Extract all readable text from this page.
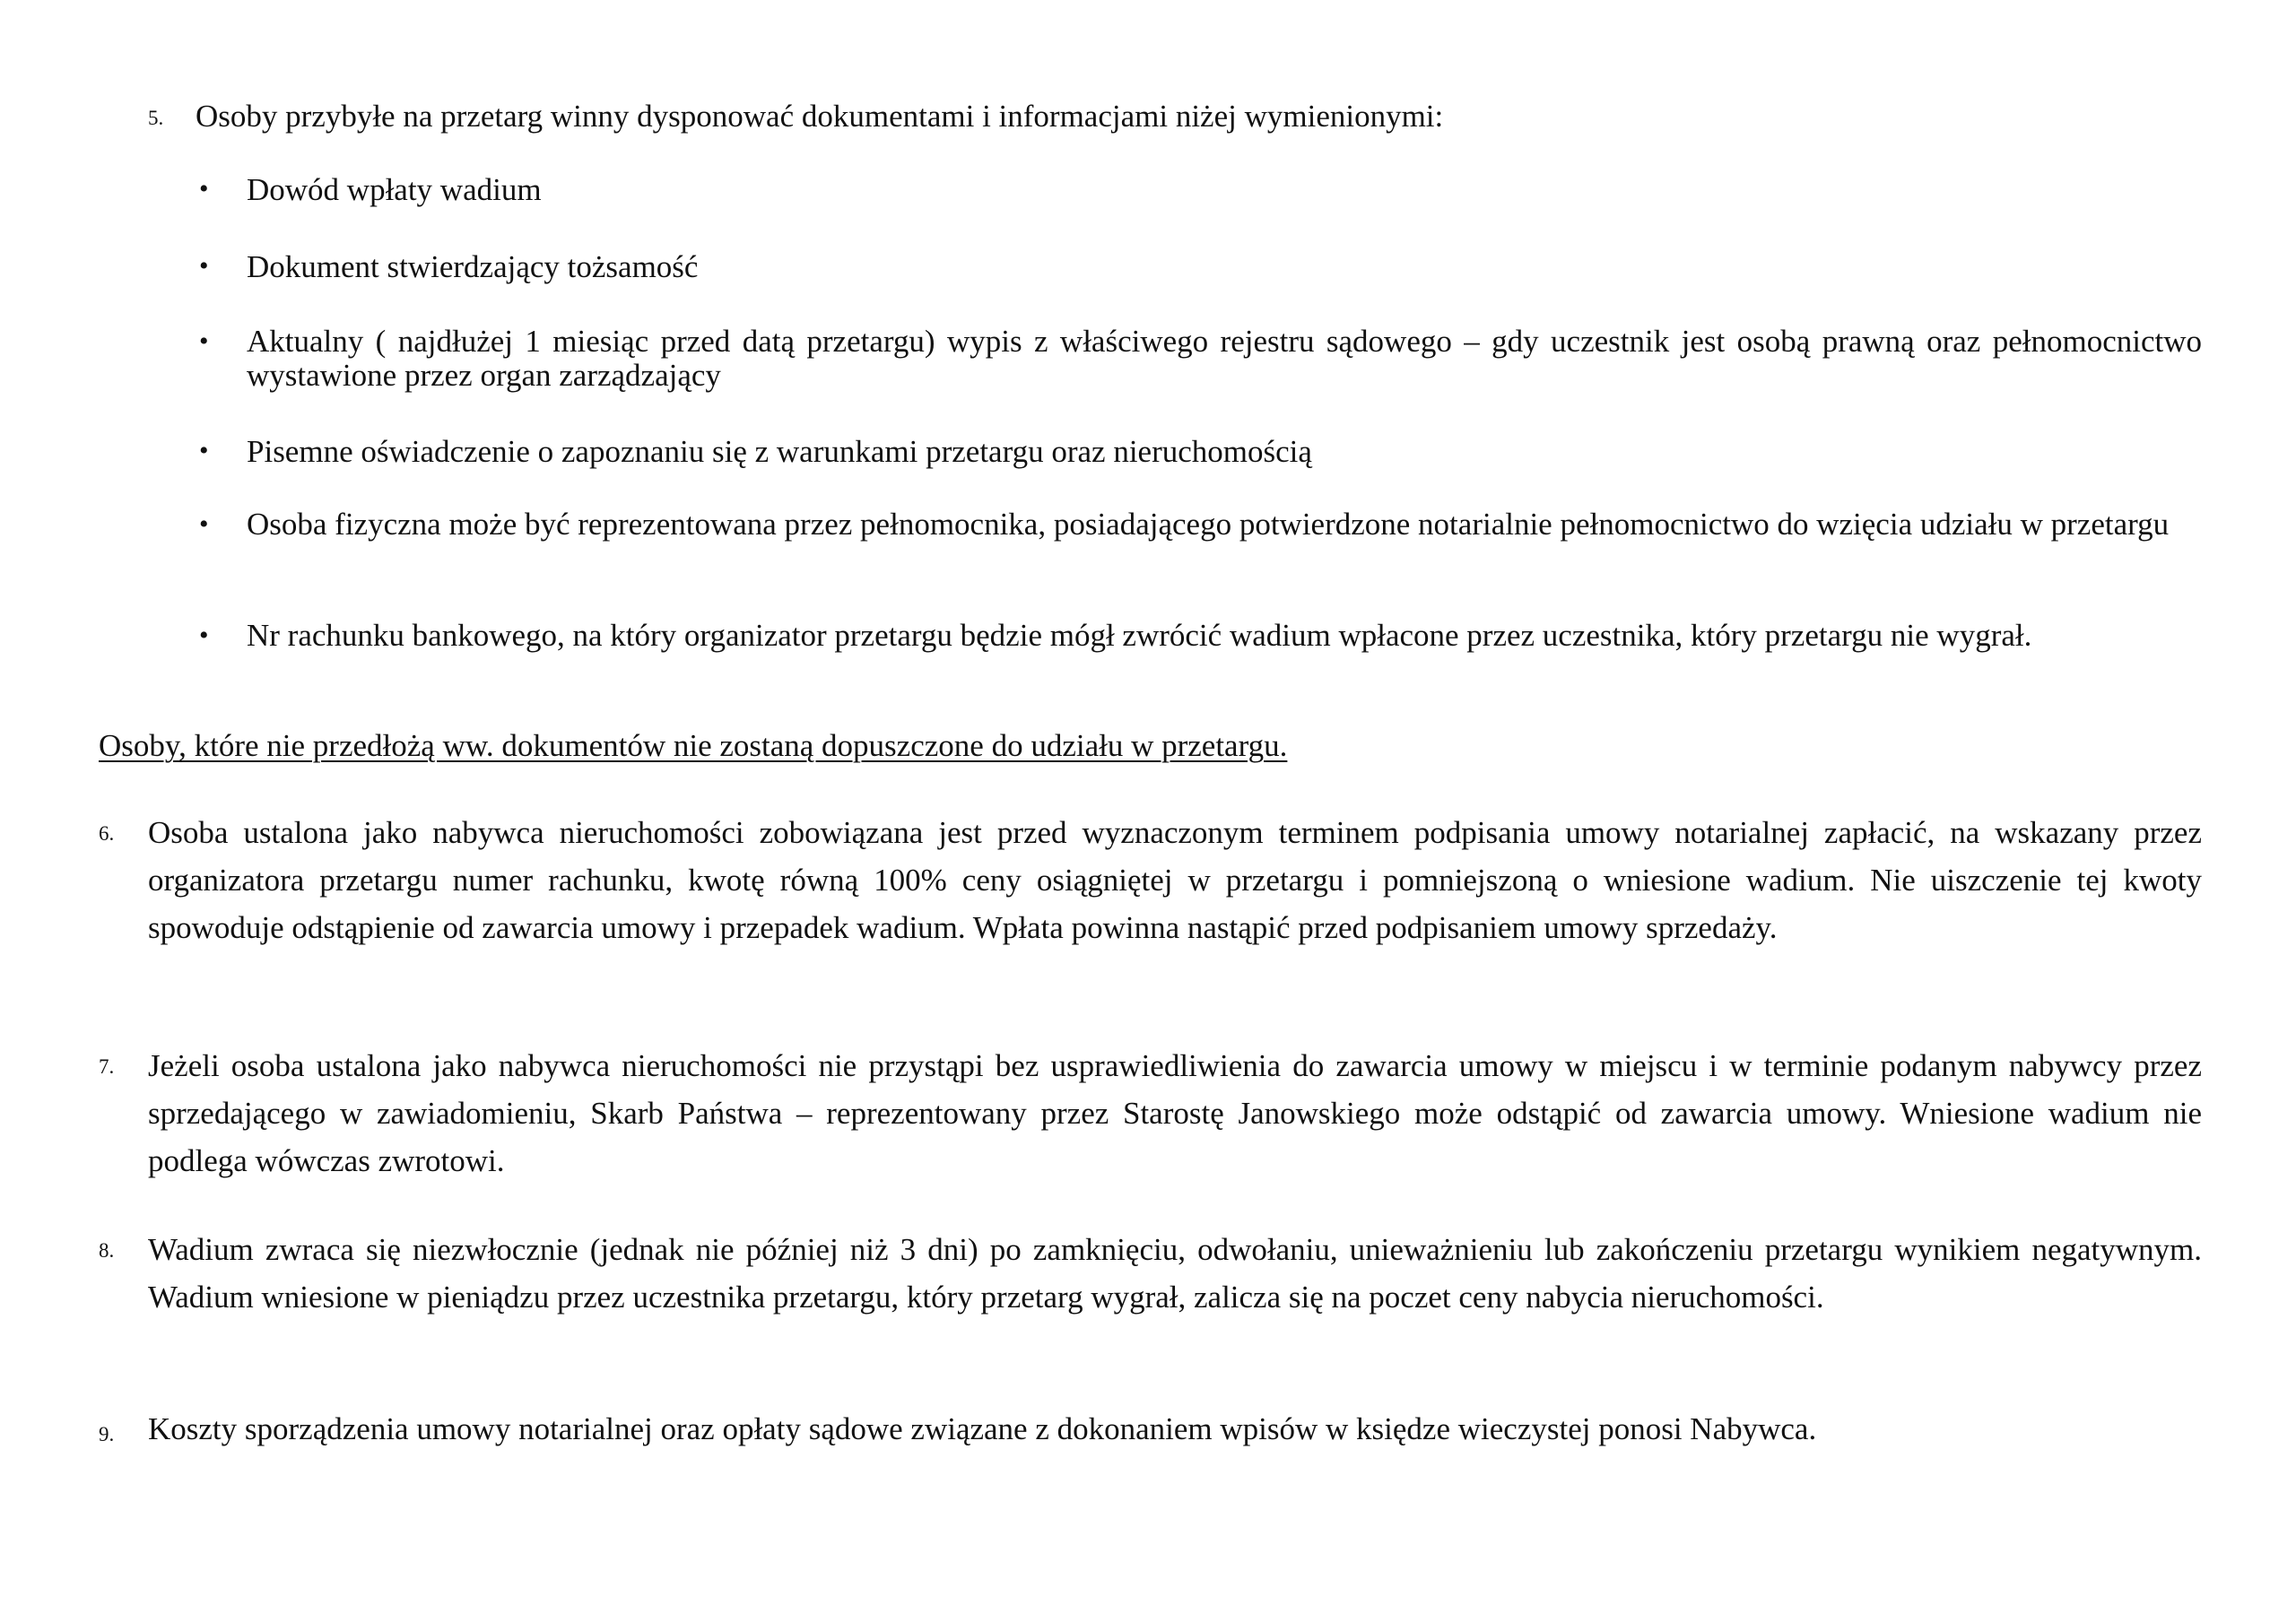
5. Osoby przybyłe na przetarg winny dysponować dokumentami i informacjami niżej wymienionymi:

• Dowód wpłaty wadium

• Dokument stwierdzający tożsamość

• Aktualny ( najdłużej 1 miesiąc przed datą przetargu) wypis z właściwego rejestru sądowego – gdy uczestnik jest osobą prawną oraz pełnomocnictwo wystawione przez organ zarządzający

• Pisemne oświadczenie o zapoznaniu się z warunkami przetargu oraz nieruchomością

• Osoba fizyczna może być reprezentowana przez pełnomocnika, posiadającego potwierdzone notarialnie pełnomocnictwo do wzięcia udziału w przetargu

• Nr rachunku bankowego, na który organizator przetargu będzie mógł zwrócić wadium wpłacone przez uczestnika, który przetargu nie wygrał.

Osoby, które nie przedłożą ww. dokumentów nie zostaną dopuszczone do udziału w przetargu.

6. Osoba ustalona jako nabywca nieruchomości zobowiązana jest przed wyznaczonym terminem podpisania umowy notarialnej zapłacić, na wskazany przez organizatora przetargu numer rachunku, kwotę równą 100% ceny osiągniętej w przetargu i pomniejszoną o wniesione wadium. Nie uiszczenie tej kwoty spowoduje odstąpienie od zawarcia umowy i przepadek wadium. Wpłata powinna nastąpić przed podpisaniem umowy sprzedaży.

7. Jeżeli osoba ustalona jako nabywca nieruchomości nie przystąpi bez usprawiedliwienia do zawarcia umowy w miejscu i w terminie podanym nabywcy przez sprzedającego w zawiadomieniu, Skarb Państwa – reprezentowany przez Starostę Janowskiego może odstąpić od zawarcia umowy. Wniesione wadium nie podlega wówczas zwrotowi.

8. Wadium zwraca się niezwłocznie (jednak nie później niż 3 dni) po zamknięciu, odwołaniu, unieważnieniu lub zakończeniu przetargu wynikiem negatywnym. Wadium wniesione w pieniądzu przez uczestnika przetargu, który przetarg wygrał, zalicza się na poczet ceny nabycia nieruchomości.

9. Koszty sporządzenia umowy notarialnej oraz opłaty sądowe związane z dokonaniem wpisów w księdze wieczystej ponosi Nabywca.
